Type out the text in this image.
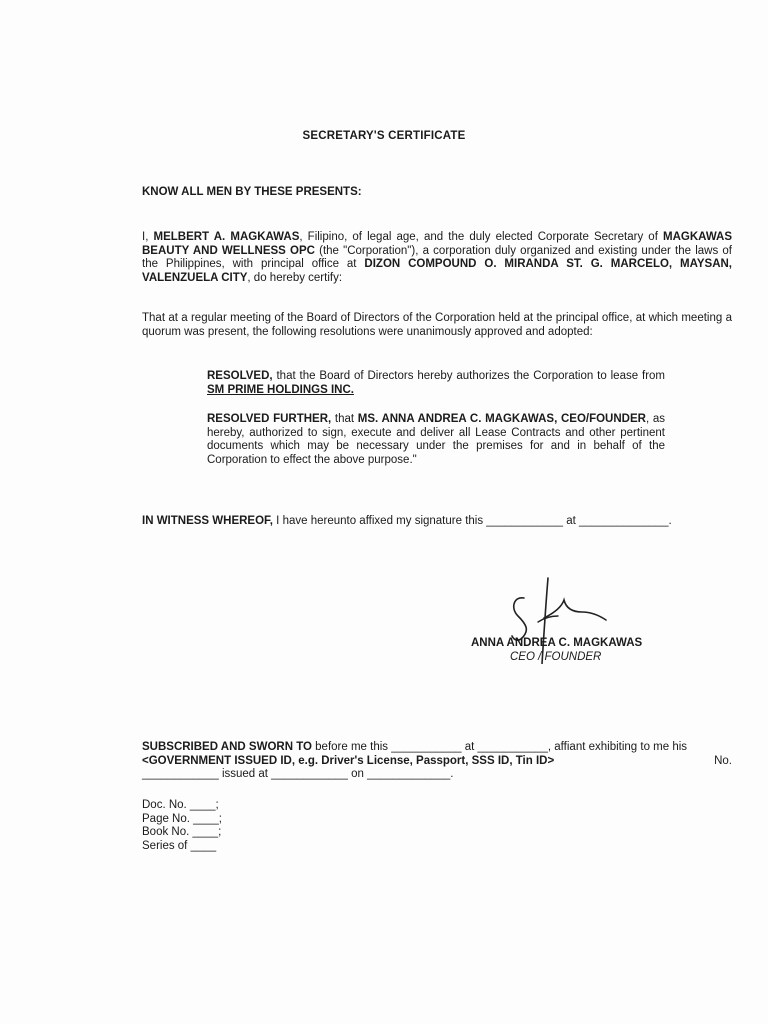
SECRETARY'S CERTIFICATE
KNOW ALL MEN BY THESE PRESENTS:
I, MELBERT A. MAGKAWAS, Filipino, of legal age, and the duly elected Corporate Secretary of MAGKAWAS BEAUTY AND WELLNESS OPC (the "Corporation"), a corporation duly organized and existing under the laws of the Philippines, with principal office at DIZON COMPOUND O. MIRANDA ST. G. MARCELO, MAYSAN, VALENZUELA CITY, do hereby certify:
That at a regular meeting of the Board of Directors of the Corporation held at the principal office, at which meeting a quorum was present, the following resolutions were unanimously approved and adopted:
RESOLVED, that the Board of Directors hereby authorizes the Corporation to lease from SM PRIME HOLDINGS INC.
RESOLVED FURTHER, that MS. ANNA ANDREA C. MAGKAWAS, CEO/FOUNDER, as hereby, authorized to sign, execute and deliver all Lease Contracts and other pertinent documents which may be necessary under the premises for and in behalf of the Corporation to effect the above purpose."
IN WITNESS WHEREOF, I have hereunto affixed my signature this ____________ at ______________.
ANNA ANDREA C. MAGKAWAS
CEO / FOUNDER
SUBSCRIBED AND SWORN TO before me this ___________ at ___________, affiant exhibiting to me his
<GOVERNMENT ISSUED ID, e.g. Driver's License, Passport, SSS ID, Tin ID>	No.
____________ issued at ____________ on _____________.
Doc. No. ____;
Page No. ____;
Book No. ____;
Series of ____
